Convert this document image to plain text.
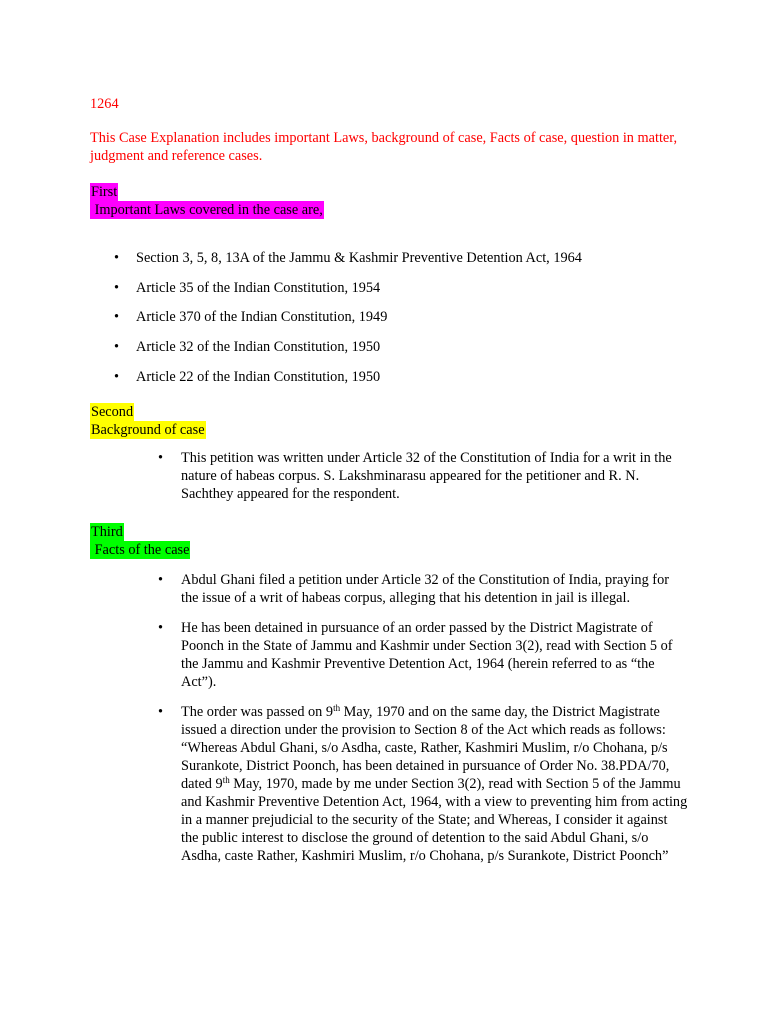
1264
This Case Explanation includes important Laws, background of case, Facts of case, question in matter, judgment and reference cases.
First
Important Laws covered in the case are,
• Section 3, 5, 8, 13A of the Jammu & Kashmir Preventive Detention Act, 1964
• Article 35 of the Indian Constitution, 1954
• Article 370 of the Indian Constitution, 1949
• Article 32 of the Indian Constitution, 1950
• Article 22 of the Indian Constitution, 1950
Second
Background of case
• This petition was written under Article 32 of the Constitution of India for a writ in the nature of habeas corpus. S. Lakshminarasu appeared for the petitioner and R. N. Sachthey appeared for the respondent.
Third
Facts of the case
• Abdul Ghani filed a petition under Article 32 of the Constitution of India, praying for the issue of a writ of habeas corpus, alleging that his detention in jail is illegal.
• He has been detained in pursuance of an order passed by the District Magistrate of Poonch in the State of Jammu and Kashmir under Section 3(2), read with Section 5 of the Jammu and Kashmir Preventive Detention Act, 1964 (herein referred to as “the Act”).
• The order was passed on 9th May, 1970 and on the same day, the District Magistrate issued a direction under the provision to Section 8 of the Act which reads as follows: “Whereas Abdul Ghani, s/o Asdha, caste, Rather, Kashmiri Muslim, r/o Chohana, p/s Surankote, District Poonch, has been detained in pursuance of Order No. 38.PDA/70, dated 9th May, 1970, made by me under Section 3(2), read with Section 5 of the Jammu and Kashmir Preventive Detention Act, 1964, with a view to preventing him from acting in a manner prejudicial to the security of the State; and Whereas, I consider it against the public interest to disclose the ground of detention to the said Abdul Ghani, s/o Asdha, caste Rather, Kashmiri Muslim, r/o Chohana, p/s Surankote, District Poonch”
